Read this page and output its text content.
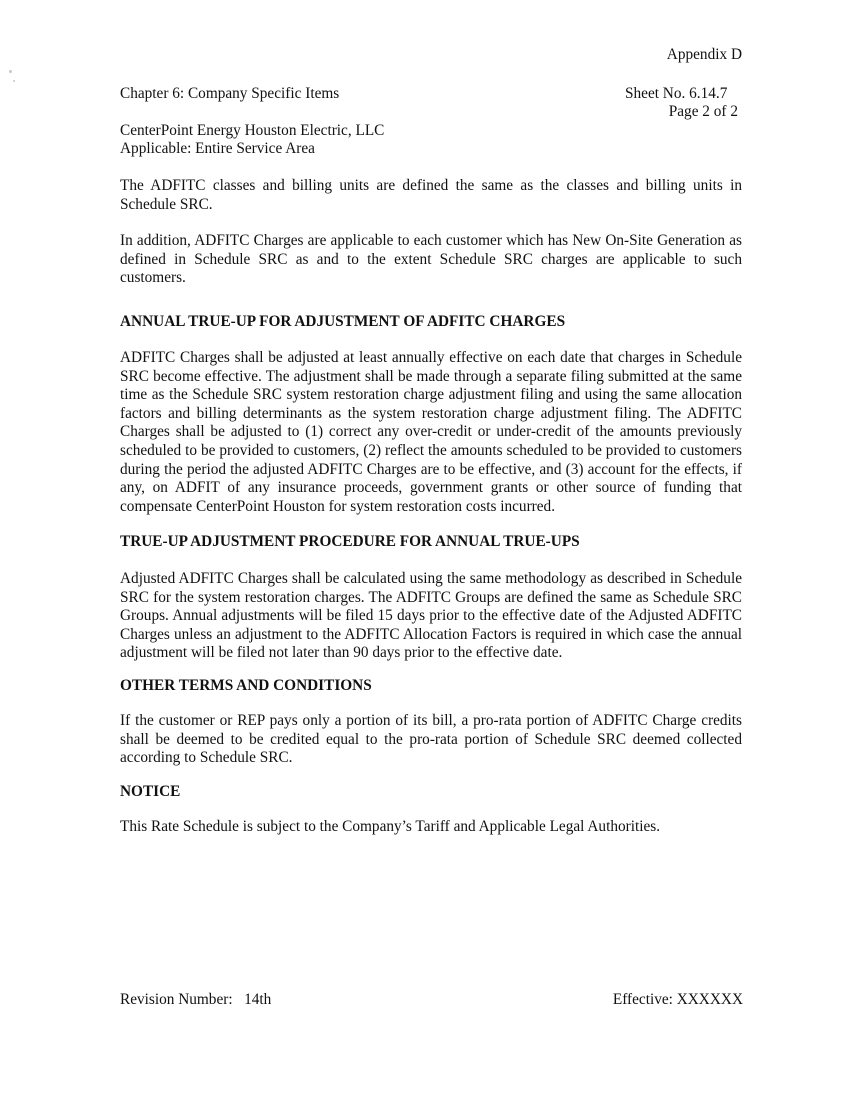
Appendix D
Chapter 6: Company Specific Items	Sheet No. 6.14.7
Page 2 of 2
CenterPoint Energy Houston Electric, LLC
Applicable: Entire Service Area

The ADFITC classes and billing units are defined the same as the classes and billing units in Schedule SRC.

In addition, ADFITC Charges are applicable to each customer which has New On-Site Generation as defined in Schedule SRC as and to the extent Schedule SRC charges are applicable to such customers.

ANNUAL TRUE-UP FOR ADJUSTMENT OF ADFITC CHARGES

ADFITC Charges shall be adjusted at least annually effective on each date that charges in Schedule SRC become effective. The adjustment shall be made through a separate filing submitted at the same time as the Schedule SRC system restoration charge adjustment filing and using the same allocation factors and billing determinants as the system restoration charge adjustment filing. The ADFITC Charges shall be adjusted to (1) correct any over-credit or under-credit of the amounts previously scheduled to be provided to customers, (2) reflect the amounts scheduled to be provided to customers during the period the adjusted ADFITC Charges are to be effective, and (3) account for the effects, if any, on ADFIT of any insurance proceeds, government grants or other source of funding that compensate CenterPoint Houston for system restoration costs incurred.

TRUE-UP ADJUSTMENT PROCEDURE FOR ANNUAL TRUE-UPS

Adjusted ADFITC Charges shall be calculated using the same methodology as described in Schedule SRC for the system restoration charges. The ADFITC Groups are defined the same as Schedule SRC Groups. Annual adjustments will be filed 15 days prior to the effective date of the Adjusted ADFITC Charges unless an adjustment to the ADFITC Allocation Factors is required in which case the annual adjustment will be filed not later than 90 days prior to the effective date.

OTHER TERMS AND CONDITIONS

If the customer or REP pays only a portion of its bill, a pro-rata portion of ADFITC Charge credits shall be deemed to be credited equal to the pro-rata portion of Schedule SRC deemed collected according to Schedule SRC.

NOTICE

This Rate Schedule is subject to the Company’s Tariff and Applicable Legal Authorities.

Revision Number:   14th	Effective: XXXXXX
